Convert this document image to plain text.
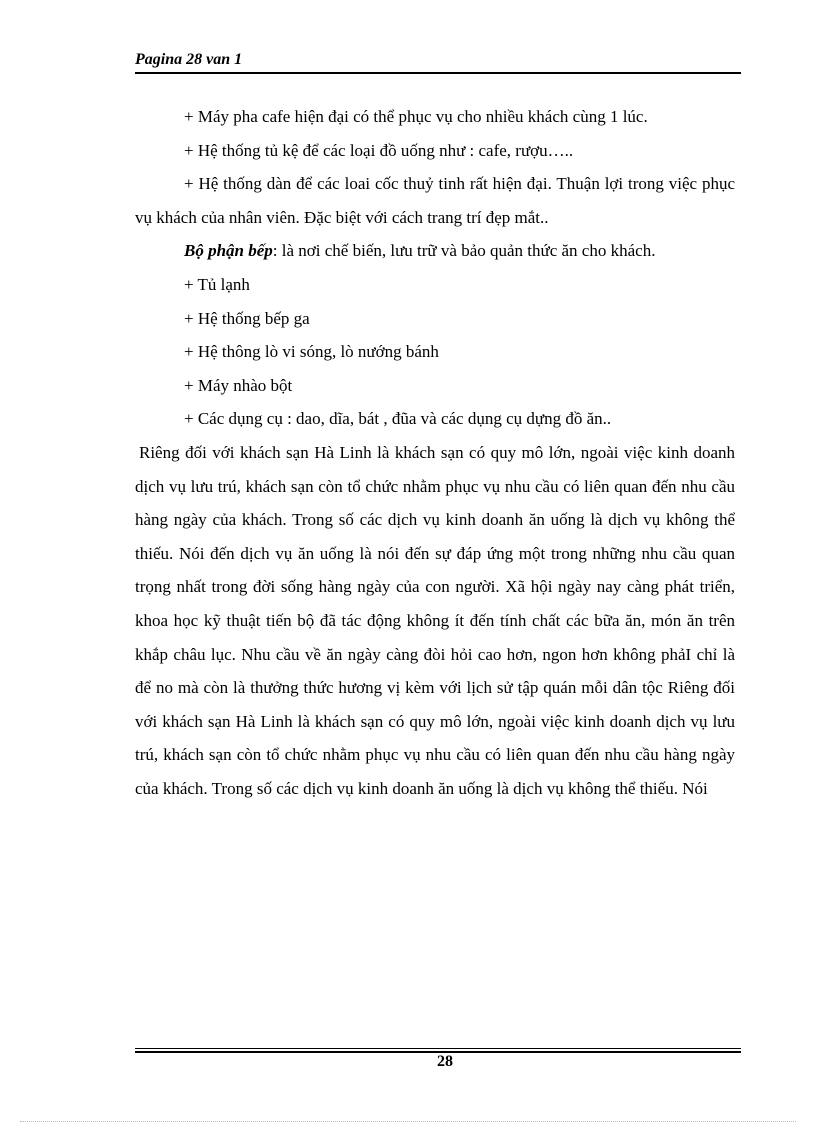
Pagina 28 van 1

+ Máy pha cafe hiện đại có thể phục vụ cho nhiều khách cùng 1 lúc.

+ Hệ thống tủ kệ để các loại đồ uống như : cafe, rượu…..

+ Hệ thống dàn để các loai cốc thuỷ tinh rất hiện đại. Thuận lợi trong việc phục vụ khách của nhân viên. Đặc biệt với cách trang trí đẹp mắt..

Bộ phận bếp: là nơi chế biến, lưu trữ và bảo quản thức ăn cho khách.

+ Tủ lạnh

+ Hệ thống bếp ga

+ Hệ thông lò vi sóng, lò nướng bánh

+ Máy nhào bột

+ Các dụng cụ : dao, dĩa, bát , đũa và các dụng cụ dựng đồ ăn..

Riêng đối với khách sạn Hà Linh là khách sạn có quy mô lớn, ngoài việc kinh doanh dịch vụ lưu trú, khách sạn còn tổ chức nhằm phục vụ nhu cầu có liên quan đến nhu cầu hàng ngày của khách. Trong số các dịch vụ kinh doanh ăn uống là dịch vụ không thể thiếu. Nói đến dịch vụ ăn uống là nói đến sự đáp ứng một trong những nhu cầu quan trọng nhất trong đời sống hàng ngày của con người. Xã hội ngày nay càng phát triển, khoa học kỹ thuật tiến bộ đã tác động không ít đến tính chất các bữa ăn, món ăn trên khắp châu lục. Nhu cầu về ăn ngày càng đòi hỏi cao hơn, ngon hơn không phảI chỉ là để no mà còn là thưởng thức hương vị kèm với lịch sử tập quán mỗi dân tộc Riêng đối với khách sạn Hà Linh là khách sạn có quy mô lớn, ngoài việc kinh doanh dịch vụ lưu trú, khách sạn còn tổ chức nhằm phục vụ nhu cầu có liên quan đến nhu cầu hàng ngày của khách. Trong số các dịch vụ kinh doanh ăn uống là dịch vụ không thể thiếu. Nói

28
